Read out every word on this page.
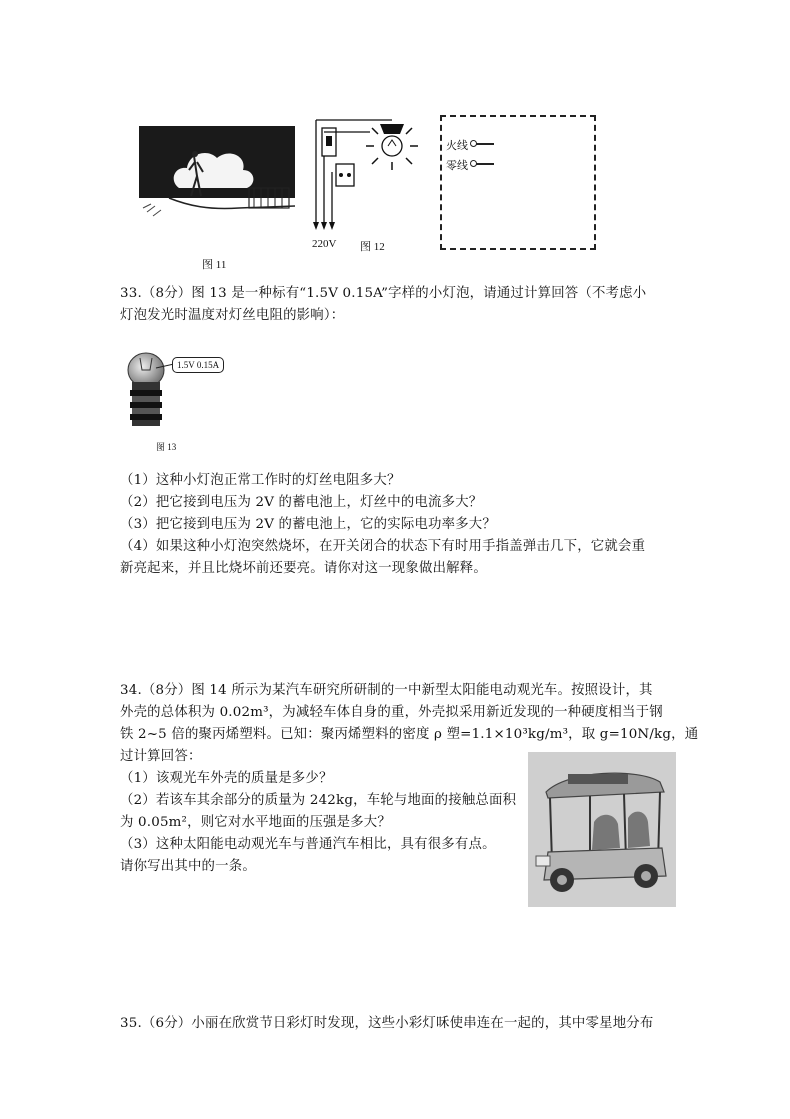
图 11
220V 图 12
火线
零线
33.（8分）图 13 是一种标有“1.5V 0.15A”字样的小灯泡，请通过计算回答（不考虑小
灯泡发光时温度对灯丝电阻的影响）：
1.5V 0.15A
图 13
（1）这种小灯泡正常工作时的灯丝电阻多大？
（2）把它接到电压为 2V 的蓄电池上，灯丝中的电流多大？
（3）把它接到电压为 2V 的蓄电池上，它的实际电功率多大？
（4）如果这种小灯泡突然烧坏，在开关闭合的状态下有时用手指盖弹击几下，它就会重
新亮起来，并且比烧坏前还要亮。请你对这一现象做出解释。
34.（8分）图 14 所示为某汽车研究所研制的一中新型太阳能电动观光车。按照设计，其
外壳的总体积为 0.02m³，为减轻车体自身的重，外壳拟采用新近发现的一种硬度相当于钢
铁 2~5 倍的聚丙烯塑料。已知：聚丙烯塑料的密度 ρ 塑=1.1×10³kg/m³，取 g=10N/kg，通
过计算回答：
（1）该观光车外壳的质量是多少？
（2）若该车其余部分的质量为 242kg，车轮与地面的接触总面积
为 0.05m²，则它对水平地面的压强是多大？
（3）这种太阳能电动观光车与普通汽车相比，具有很多有点。
请你写出其中的一条。
35.（6分）小丽在欣赏节日彩灯时发现，这些小彩灯咊使串连在一起的，其中零星地分布
